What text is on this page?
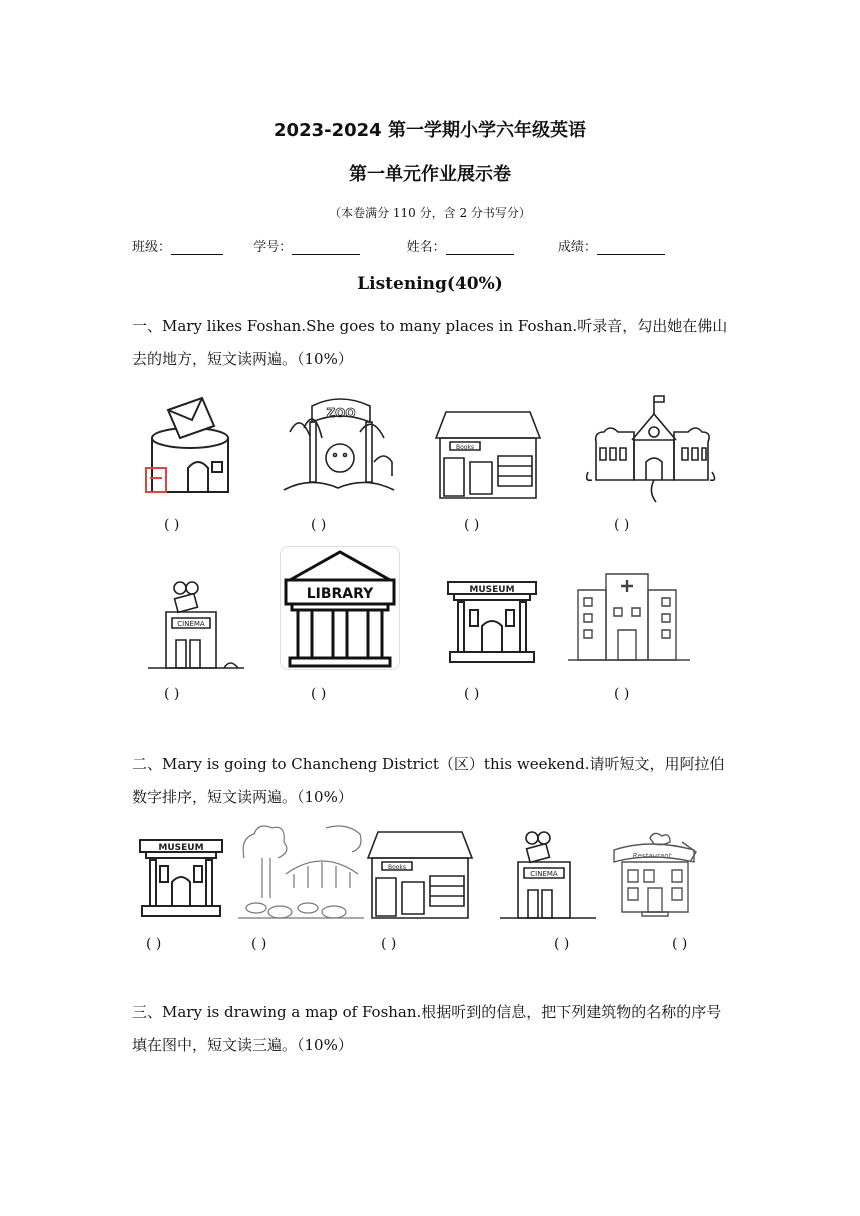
2023-2024 第一学期小学六年级英语
第一单元作业展示卷
（本卷满分 110 分，含 2 分书写分）
班级：	学号：	姓名：	成绩：
Listening(40%)
一、Mary likes Foshan.She goes to many places in Foshan.听录音，勾出她在佛山去的地方，短文读两遍。（10%）
ZOO
Books
( )	( )	( )	( )
CINEMA
LIBRARY	MUSEUM
( )	( )	( )	( )
二、Mary is going to Chancheng District（区）this weekend.请听短文，用阿拉伯数字排序，短文读两遍。（10%）
MUSEUM
Books
CINEMA
Restaurant
( )	( )	( )	( )	( )
三、Mary is drawing a map of Foshan.根据听到的信息，把下列建筑物的名称的序号填在图中，短文读三遍。（10%）
